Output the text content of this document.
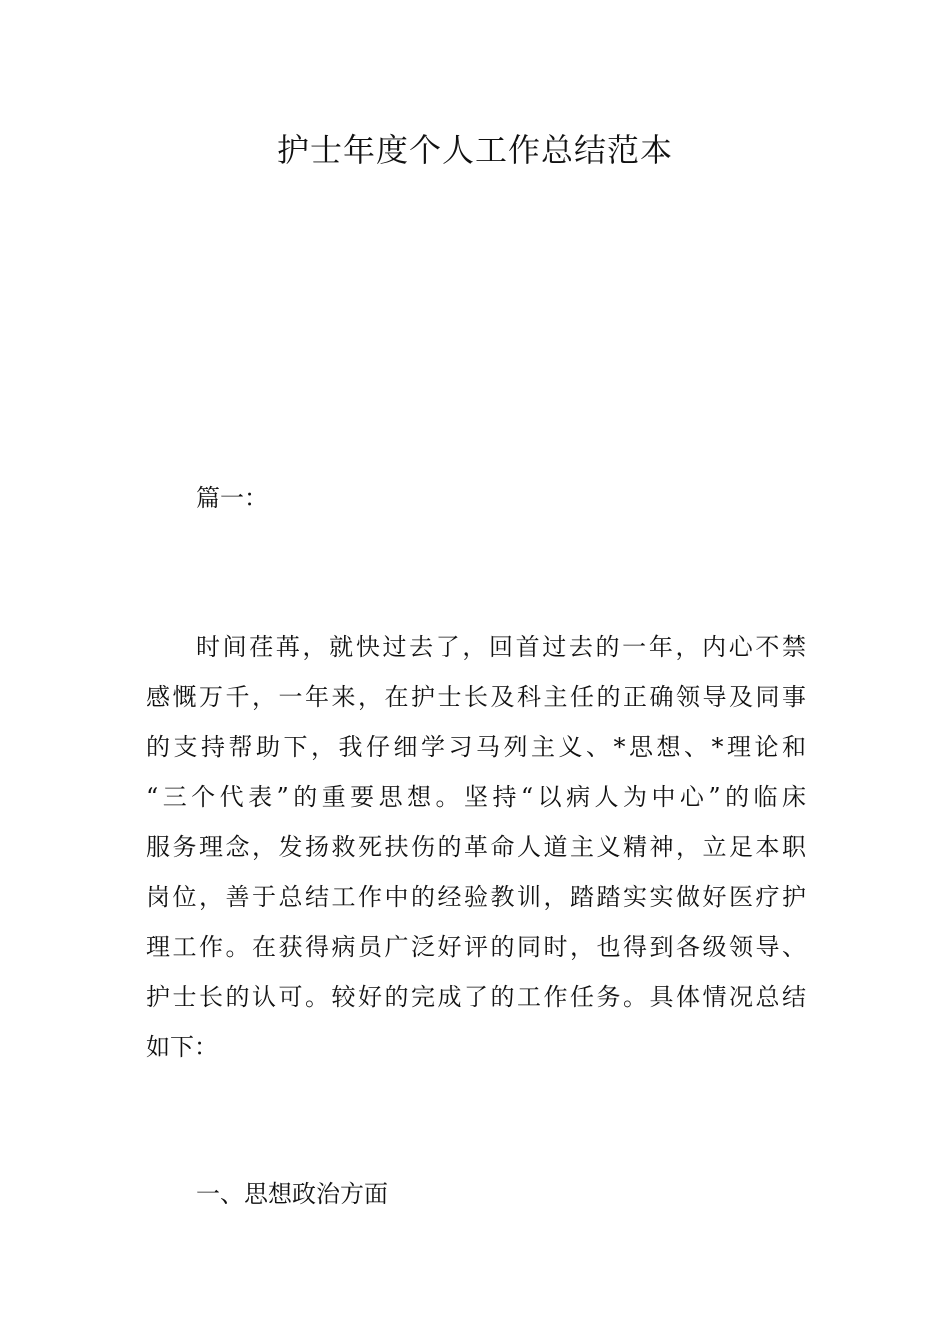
护士年度个人工作总结范本
篇一：
时间荏苒，就快过去了，回首过去的一年，内心不禁
感慨万千，一年来，在护士长及科主任的正确领导及同事
的支持帮助下，我仔细学习马列主义、*思想、*理论和
“三个代表”的重要思想。坚持“以病人为中心”的临床
服务理念，发扬救死扶伤的革命人道主义精神，立足本职
岗位，善于总结工作中的经验教训，踏踏实实做好医疗护
理工作。在获得病员广泛好评的同时，也得到各级领导、
护士长的认可。较好的完成了的工作任务。具体情况总结
如下：
一、思想政治方面
